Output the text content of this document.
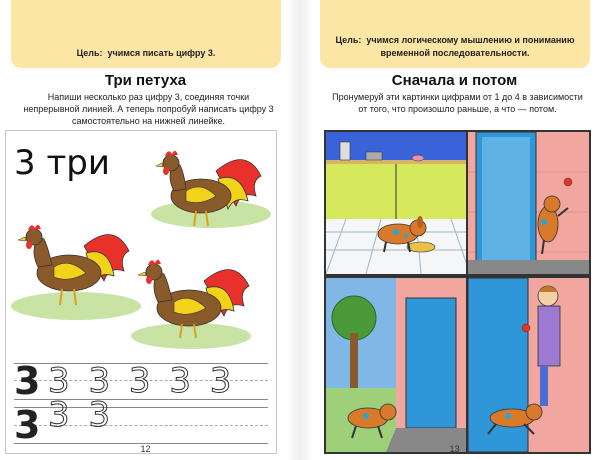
Цель: учимся писать цифру 3.
Три петуха
Напиши несколько раз цифру 3, соединяя точки непрерывной линией. А теперь попробуй написать цифру 3 самостоятельно на нижней линейке.
3 три
3 3 3 3 3 3 3 3
3
12
Цель: учимся логическому мышлению и пониманию временной последовательности.
Сначала и потом
Пронумеруй эти картинки цифрами от 1 до 4 в зависимости от того, что произошло раньше, а что — потом.
13
